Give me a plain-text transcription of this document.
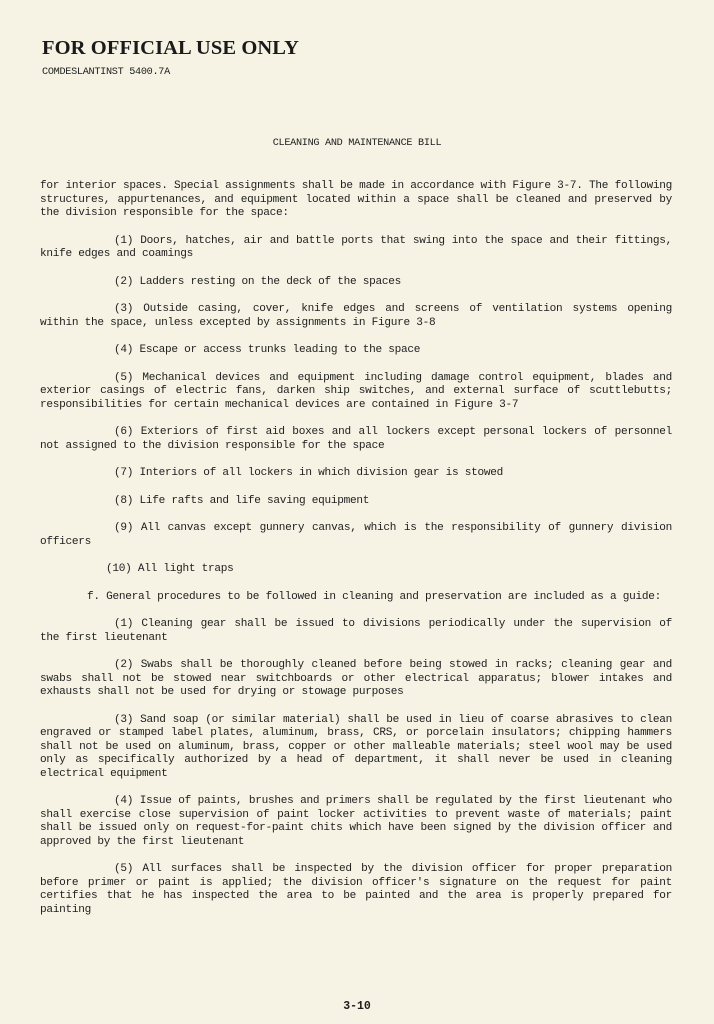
FOR OFFICIAL USE ONLY
COMDESLANTINST 5400.7A
CLEANING AND MAINTENANCE BILL

for interior spaces. Special assignments shall be made in accordance with Figure 3-7. The following structures, appurtenances, and equipment located within a space shall be cleaned and preserved by the division responsible for the space:

(1) Doors, hatches, air and battle ports that swing into the space and their fittings, knife edges and coamings

(2) Ladders resting on the deck of the spaces

(3) Outside casing, cover, knife edges and screens of ventilation systems opening within the space, unless excepted by assignments in Figure 3-8

(4) Escape or access trunks leading to the space

(5) Mechanical devices and equipment including damage control equipment, blades and exterior casings of electric fans, darken ship switches, and external surface of scuttlebutts; responsibilities for certain mechanical devices are contained in Figure 3-7

(6) Exteriors of first aid boxes and all lockers except personal lockers of personnel not assigned to the division responsible for the space

(7) Interiors of all lockers in which division gear is stowed

(8) Life rafts and life saving equipment

(9) All canvas except gunnery canvas, which is the responsibility of gunnery division officers

(10) All light traps

f. General procedures to be followed in cleaning and preservation are included as a guide:

(1) Cleaning gear shall be issued to divisions periodically under the supervision of the first lieutenant

(2) Swabs shall be thoroughly cleaned before being stowed in racks; cleaning gear and swabs shall not be stowed near switchboards or other electrical apparatus; blower intakes and exhausts shall not be used for drying or stowage purposes

(3) Sand soap (or similar material) shall be used in lieu of coarse abrasives to clean engraved or stamped label plates, aluminum, brass, CRS, or porcelain insulators; chipping hammers shall not be used on aluminum, brass, copper or other malleable materials; steel wool may be used only as specifically authorized by a head of department, it shall never be used in cleaning electrical equipment

(4) Issue of paints, brushes and primers shall be regulated by the first lieutenant who shall exercise close supervision of paint locker activities to prevent waste of materials; paint shall be issued only on request-for-paint chits which have been signed by the division officer and approved by the first lieutenant

(5) All surfaces shall be inspected by the division officer for proper preparation before primer or paint is applied; the division officer's signature on the request for paint certifies that he has inspected the area to be painted and the area is properly prepared for painting

3-10
